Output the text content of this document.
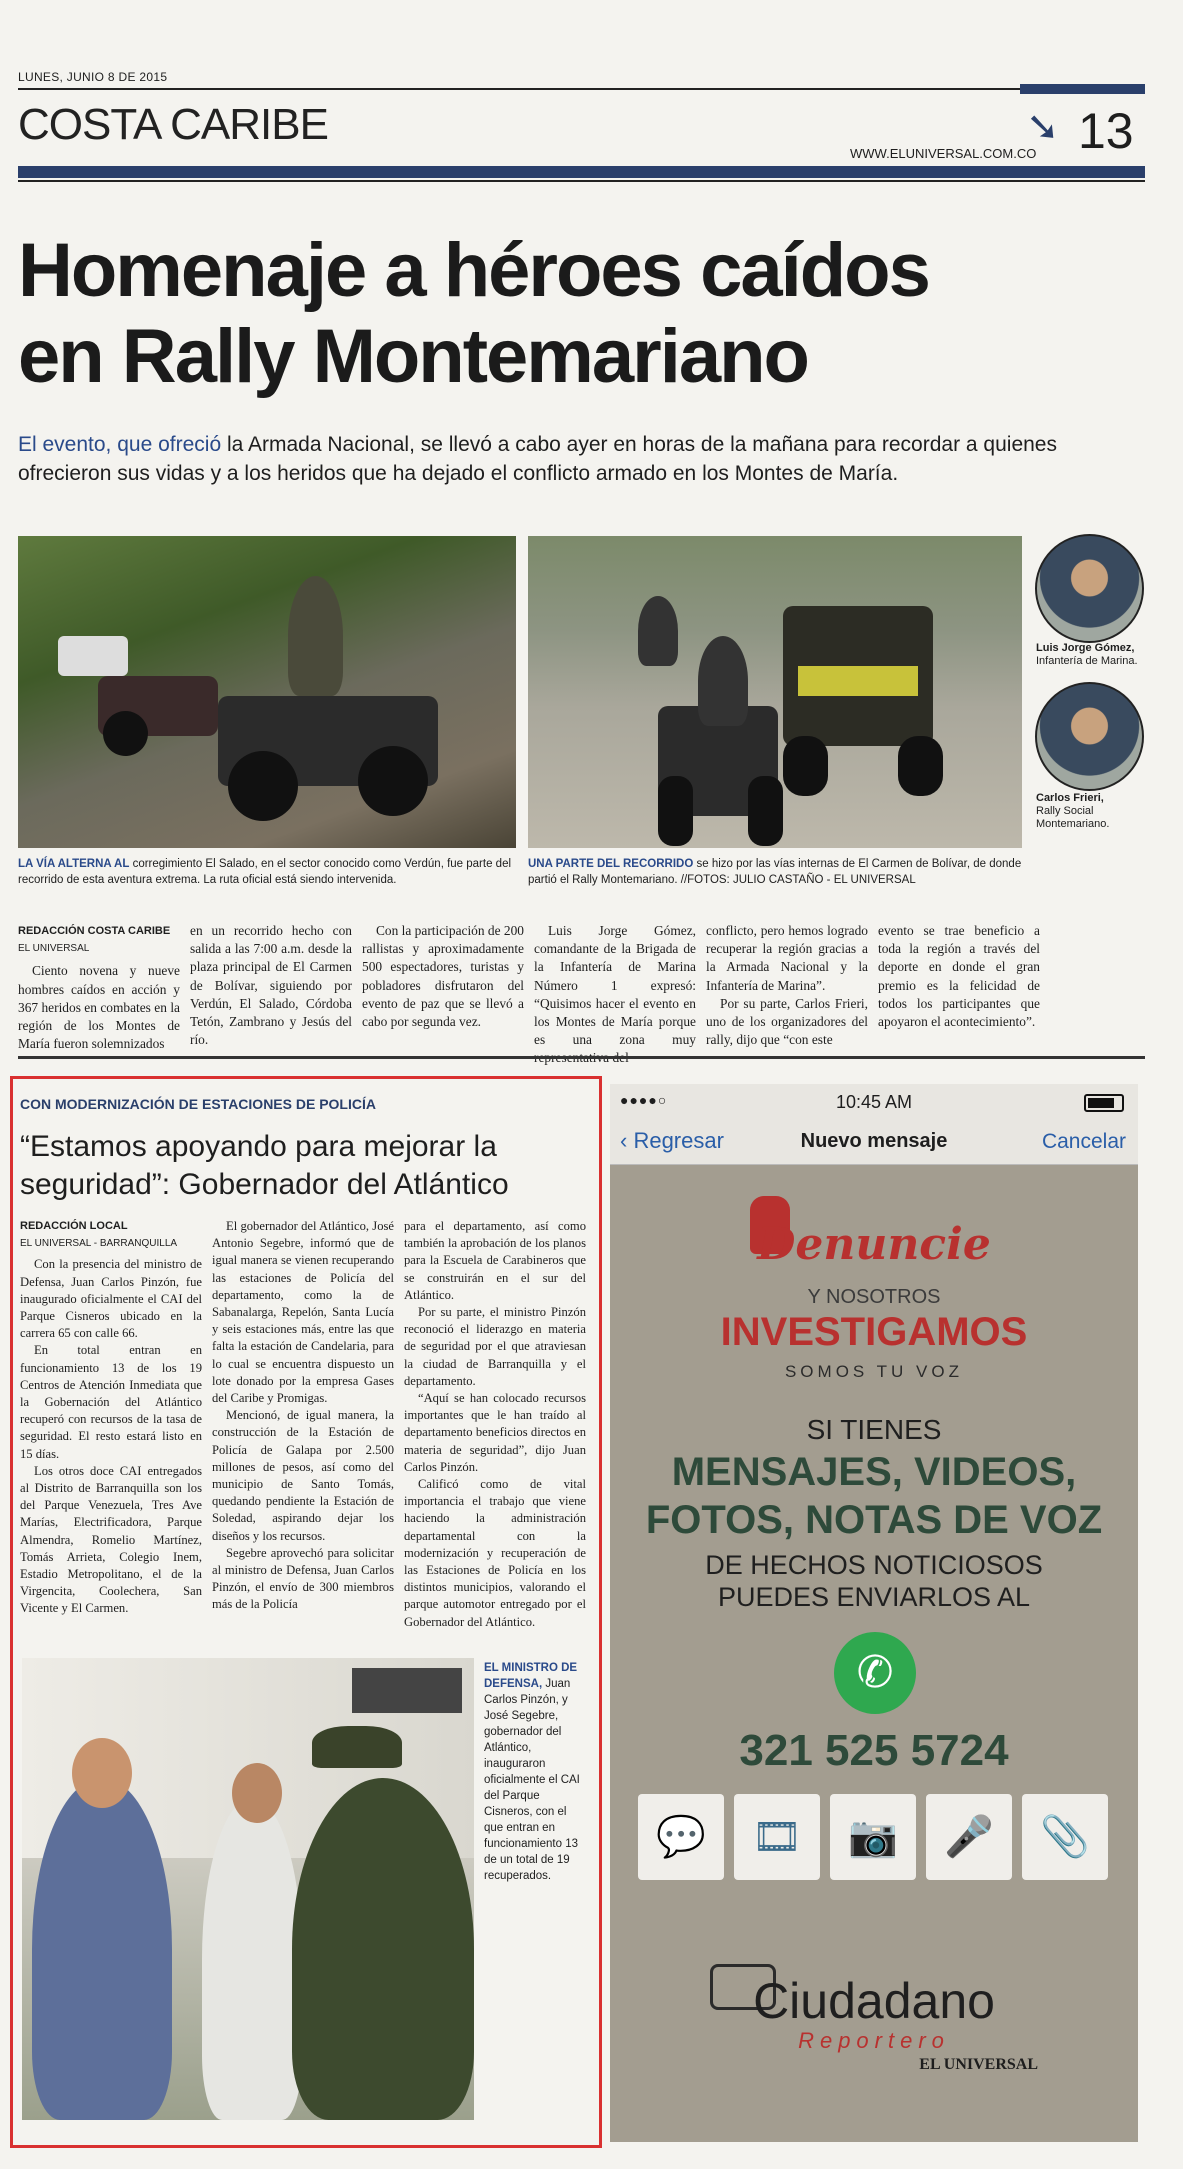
LUNES, JUNIO 8 DE 2015
COSTA CARIBE
WWW.ELUNIVERSAL.COM.CO
➘ 13
Homenaje a héroes caídos
en Rally Montemariano
El evento, que ofreció la Armada Nacional, se llevó a cabo ayer en horas de la mañana para recordar a quienes ofrecieron sus vidas y a los heridos que ha dejado el conflicto armado en los Montes de María.
Luis Jorge Gómez,
Infantería de Marina.
Carlos Frieri,
Rally Social Montemariano.
LA VÍA ALTERNA AL corregimiento El Salado, en el sector conocido como Verdún, fue parte del recorrido de esta aventura extrema. La ruta oficial está siendo intervenida.
UNA PARTE DEL RECORRIDO se hizo por las vías internas de El Carmen de Bolívar, de donde partió el Rally Montemariano. //FOTOS: JULIO CASTAÑO - EL UNIVERSAL
REDACCIÓN COSTA CARIBE
EL UNIVERSAL

Ciento novena y nueve hombres caídos en acción y 367 heridos en combates en la región de los Montes de María fueron solemnizados

en un recorrido hecho con salida a las 7:00 a.m. desde la plaza principal de El Carmen de Bolívar, siguiendo por Verdún, El Salado, Córdoba Tetón, Zambrano y Jesús del río.

Con la participación de 200 rallistas y aproximadamente 500 espectadores, turistas y pobladores disfrutaron del evento de paz que se llevó a cabo por segunda vez.

Luis Jorge Gómez, comandante de la Brigada de la Infantería de Marina Número 1 expresó: “Quisimos hacer el evento en los Montes de María porque es una zona muy

conflicto, pero hemos logrado recuperar la región gracias a la Armada Nacional y la Infantería de Marina”.

Por su parte, Carlos Frieri, uno de los organizadores del rally, dijo que “con este

evento se trae beneficio a toda la región a través del deporte en donde el gran premio es la felicidad de todos los participantes que apoyaron el acontecimiento”.

CON MODERNIZACIÓN DE ESTACIONES DE POLICÍA
“Estamos apoyando para mejorar la seguridad”: Gobernador del Atlántico
REDACCIÓN LOCAL
EL UNIVERSAL - BARRANQUILLA

Con la presencia del ministro de Defensa, Juan Carlos Pinzón, fue inaugurado oficialmente el CAI del Parque Cisneros ubicado en la carrera 65 con calle 66.

En total entran en funcionamiento 13 de los 19 Centros de Atención Inmediata que la Gobernación del Atlántico recuperó con recursos de la tasa de seguridad. El resto estará listo en 15 días.

Los otros doce CAI entregados al Distrito de Barranquilla son los del Parque Venezuela, Tres Ave Marías, Electrificadora, Parque Almendra, Romelio Martínez, Tomás Arrieta, Colegio Inem, Estadio Metropolitano, el de la Virgencita, Coolechera, San Vicente y El Carmen.

El gobernador del Atlántico, José Antonio Segebre, informó que de igual manera se vienen recuperando las estaciones de Policía del departamento, como la de Sabanalarga, Repelón, Santa Lucía y seis estaciones más, entre las que falta la estación de Candelaria, para lo cual se encuentra dispuesto un lote donado por la empresa Gases del Caribe y Promigas.

Mencionó, de igual manera, la construcción de la Estación de Policía de Galapa por 2.500 millones de pesos, así como del municipio de Santo Tomás, quedando pendiente la Estación de Soledad, aspirando dejar los diseños y los recursos.

Segebre aprovechó para solicitar al ministro de Defensa, Juan Carlos Pinzón, el envío de 300 miembros más de la Policía

para el departamento, así como también la aprobación de los planos para la Escuela de Carabineros que se construirán en el sur del Atlántico.

Por su parte, el ministro Pinzón reconoció el liderazgo en materia de seguridad por el que atraviesan la ciudad de Barranquilla y el departamento.

“Aquí se han colocado recursos importantes que le han traído al departamento beneficios directos en materia de seguridad”, dijo Juan Carlos Pinzón.

Calificó como de vital importancia el trabajo que viene haciendo la administración departamental con la modernización y recuperación de las Estaciones de Policía en los distintos municipios, valorando el parque automotor entregado por el Gobernador del Atlántico.

EL MINISTRO DE DEFENSA, Juan Carlos Pinzón, y José Segebre, gobernador del Atlántico, inauguraron oficialmente el CAI del Parque Cisneros, con el que entran en funcionamiento 13 de un total de 19 recuperados.
●●●●○	10:45 AM
‹ Regresar	Nuevo mensaje	Cancelar
Denuncie
Y NOSOTROS
INVESTIGAMOS
SOMOS TU VOZ
SI TIENES
MENSAJES, VIDEOS,
FOTOS, NOTAS DE VOZ
DE HECHOS NOTICIOSOS
PUEDES ENVIARLOS AL
✆
321 525 5724
💬	🎞	📷	🎤	📎
Ciudadano
Reportero
EL UNIVERSAL
